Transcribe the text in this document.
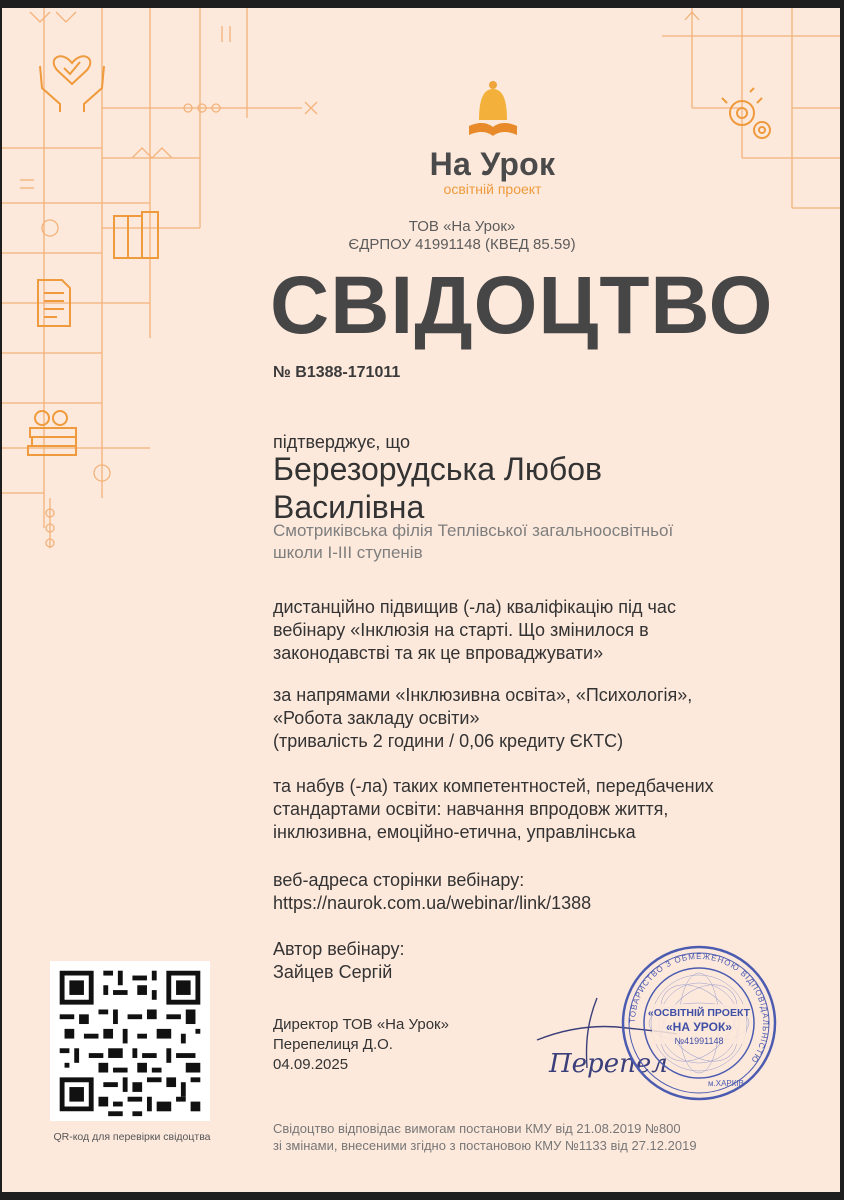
На Урок
освітній проект
ТОВ «На Урок»
ЄДРПОУ 41991148 (КВЕД 85.59)
СВІДОЦТВО
№ В1388-171011
підтверджує, що
Березорудська Любов
Василівна
Смотриківська філія Теплівської загальноосвітньої
школи І-ІІІ ступенів
дистанційно підвищив (-ла) кваліфікацію під час
вебінару «Інклюзія на старті. Що змінилося в
законодавстві та як це впроваджувати»
за напрямами «Інклюзивна освіта», «Психологія»,
«Робота закладу освіти»
(тривалість 2 години / 0,06 кредиту ЄКТС)
та набув (-ла) таких компетентностей, передбачених
стандартами освіти: навчання впродовж життя,
інклюзивна, емоційно-етична, управлінська
веб-адреса сторінки вебінару:
https://naurok.com.ua/webinar/link/1388
Автор вебінару:
Зайцев Сергій
Директор ТОВ «На Урок»
Перепелиця Д.О.
04.09.2025
QR-код для перевірки свідоцтва
Перепел
ТОВАРИСТВО З ОБМЕЖЕНОЮ ВІДПОВІДАЛЬНІСТЮ
«ОСВІТНІЙ ПРОЕКТ
«НА УРОК»
№41991148
м.ХАРКІВ
Свідоцтво відповідає вимогам постанови КМУ від 21.08.2019 №800
зі змінами, внесеними згідно з постановою КМУ №1133 від 27.12.2019
